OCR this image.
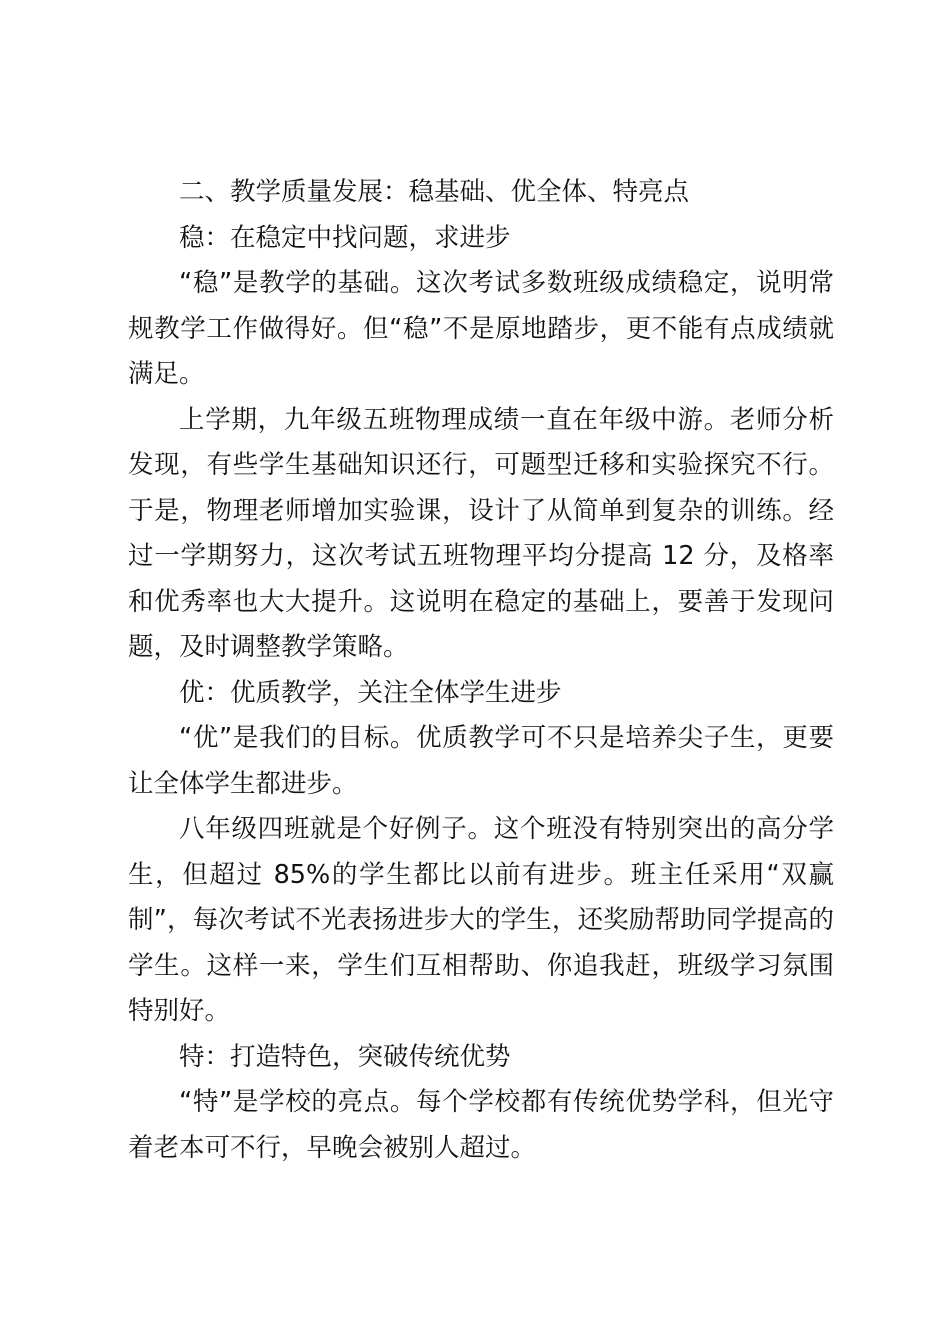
二、教学质量发展：稳基础、优全体、特亮点

稳：在稳定中找问题，求进步

“稳”是教学的基础。这次考试多数班级成绩稳定，说明常规教学工作做得好。但“稳”不是原地踏步，更不能有点成绩就满足。

上学期，九年级五班物理成绩一直在年级中游。老师分析发现，有些学生基础知识还行，可题型迁移和实验探究不行。于是，物理老师增加实验课，设计了从简单到复杂的训练。经过一学期努力，这次考试五班物理平均分提高 12 分，及格率和优秀率也大大提升。这说明在稳定的基础上，要善于发现问题，及时调整教学策略。

优：优质教学，关注全体学生进步

“优”是我们的目标。优质教学可不只是培养尖子生，更要让全体学生都进步。

八年级四班就是个好例子。这个班没有特别突出的高分学生，但超过 85%的学生都比以前有进步。班主任采用“双赢制”，每次考试不光表扬进步大的学生，还奖励帮助同学提高的学生。这样一来，学生们互相帮助、你追我赶，班级学习氛围特别好。

特：打造特色，突破传统优势

“特”是学校的亮点。每个学校都有传统优势学科，但光守着老本可不行，早晚会被别人超过。
